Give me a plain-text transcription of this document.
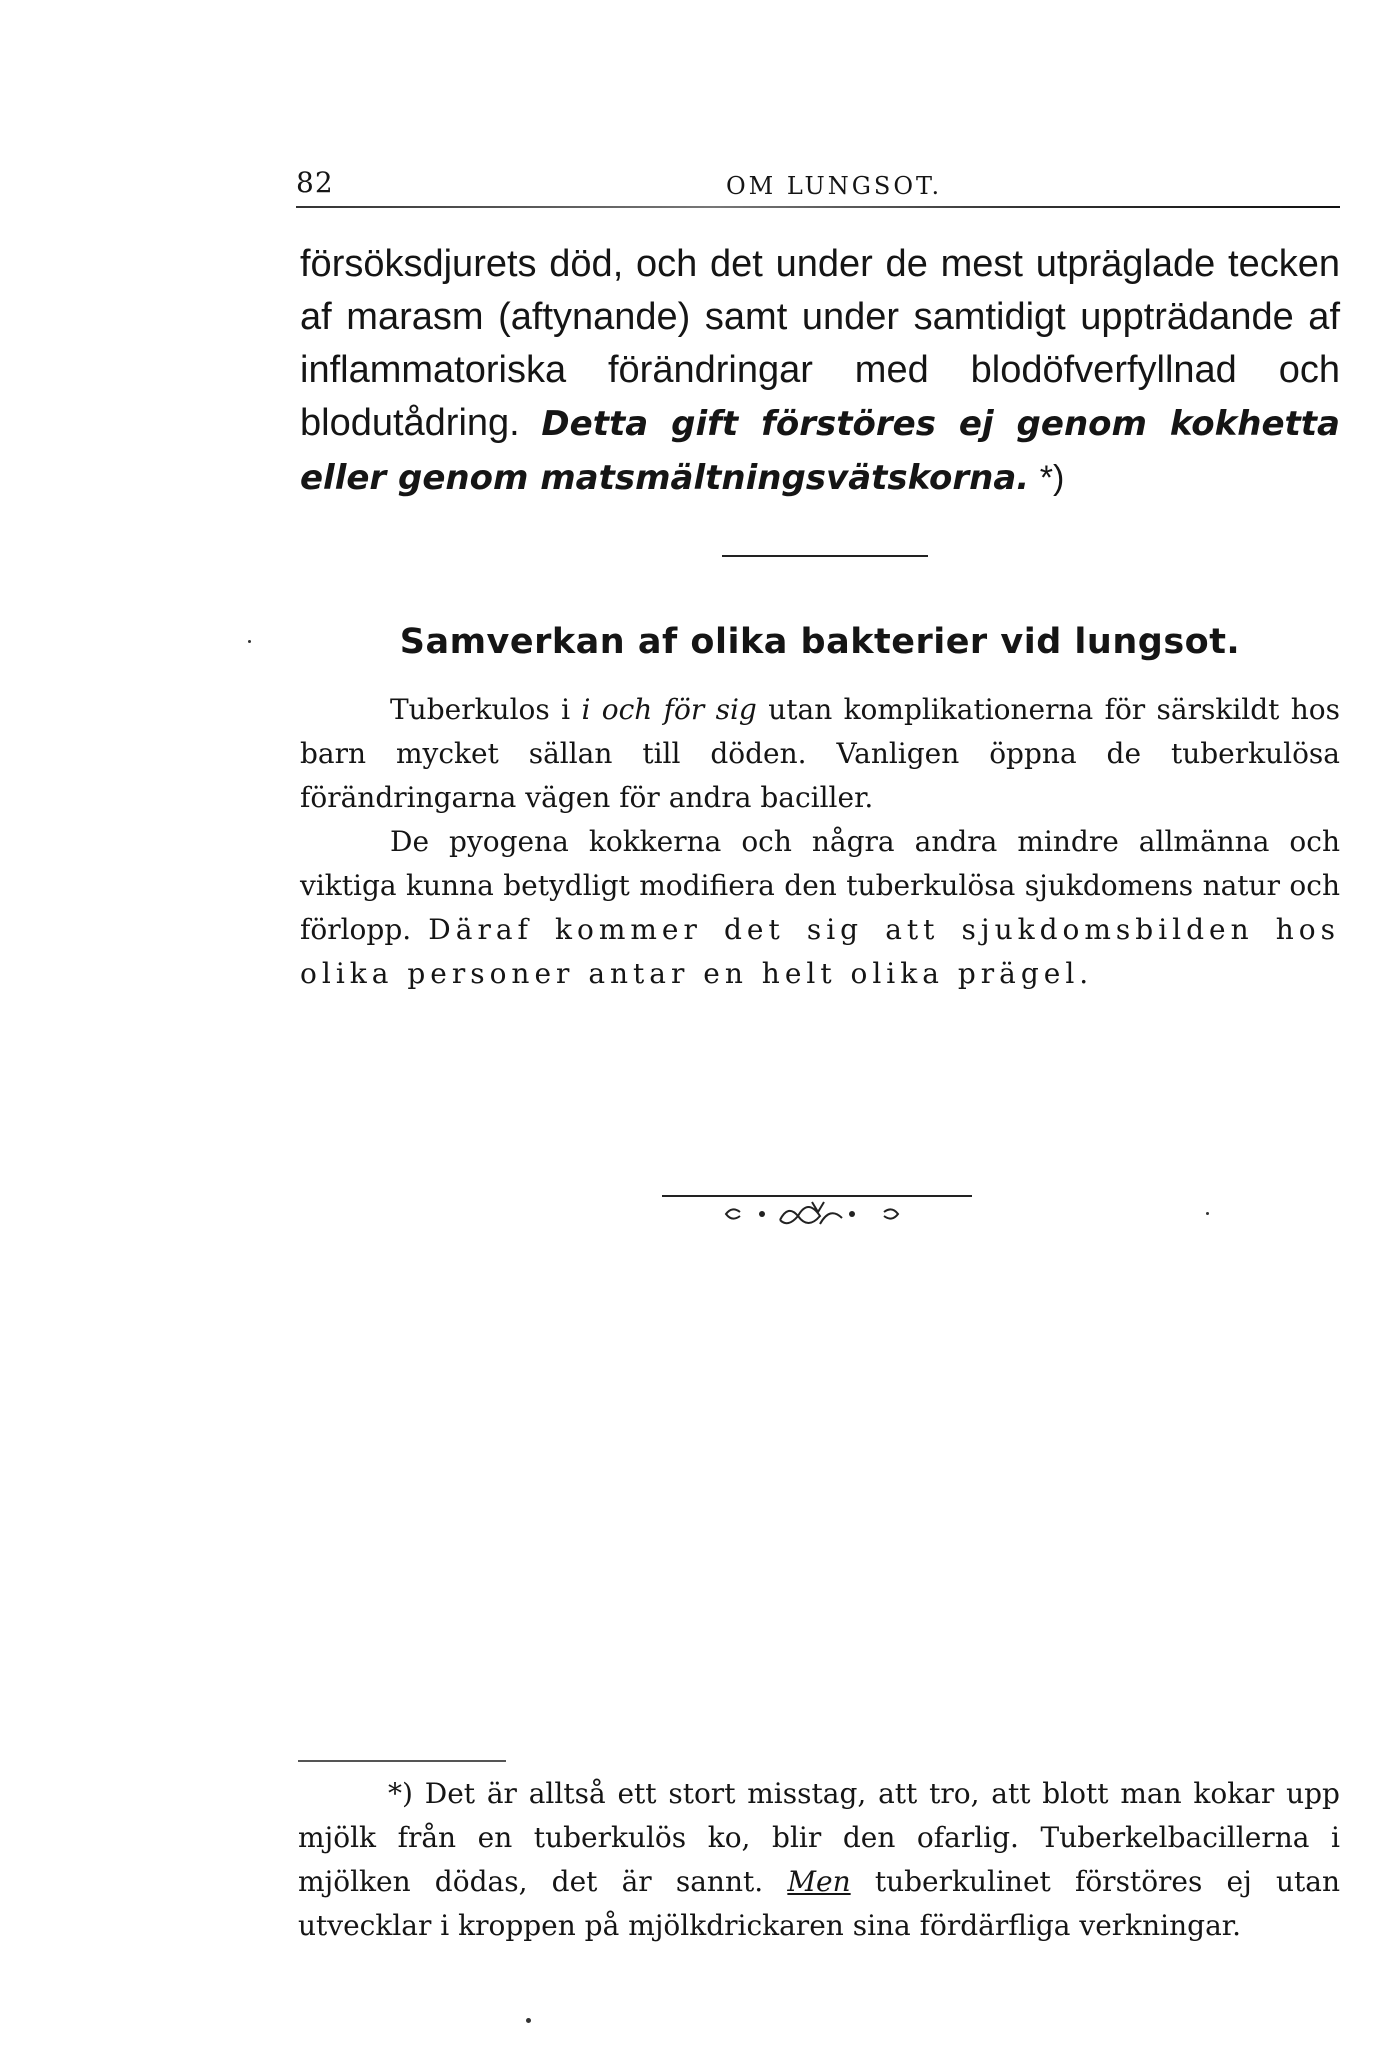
82	OM LUNGSOT.
försöksdjurets död, och det under de mest utpräglade tecken af marasm (aftynande) samt under samtidigt uppträdande af inflammatoriska förändringar med blodöfverfyllnad och blodutådring. Detta gift förstöres ej genom kokhetta eller genom matsmältningsvätskorna. *)
Samverkan af olika bakterier vid lungsot.
Tuberkulos i i och för sig utan komplikationerna för särskildt hos barn mycket sällan till döden. Vanligen öppna de tuberkulösa förändringarna vägen för andra baciller.
De pyogena kokkerna och några andra mindre allmänna och viktiga kunna betydligt modifiera den tuberkulösa sjukdomens natur och förlopp. Däraf kommer det sig att sjukdomsbilden hos olika personer antar en helt olika prägel.
*) Det är alltså ett stort misstag, att tro, att blott man kokar upp mjölk från en tuberkulös ko, blir den ofarlig. Tuberkelbacillerna i mjölken dödas, det är sannt. Men tuberkulinet förstöres ej utan utvecklar i kroppen på mjölkdrickaren sina fördärfliga verkningar.
